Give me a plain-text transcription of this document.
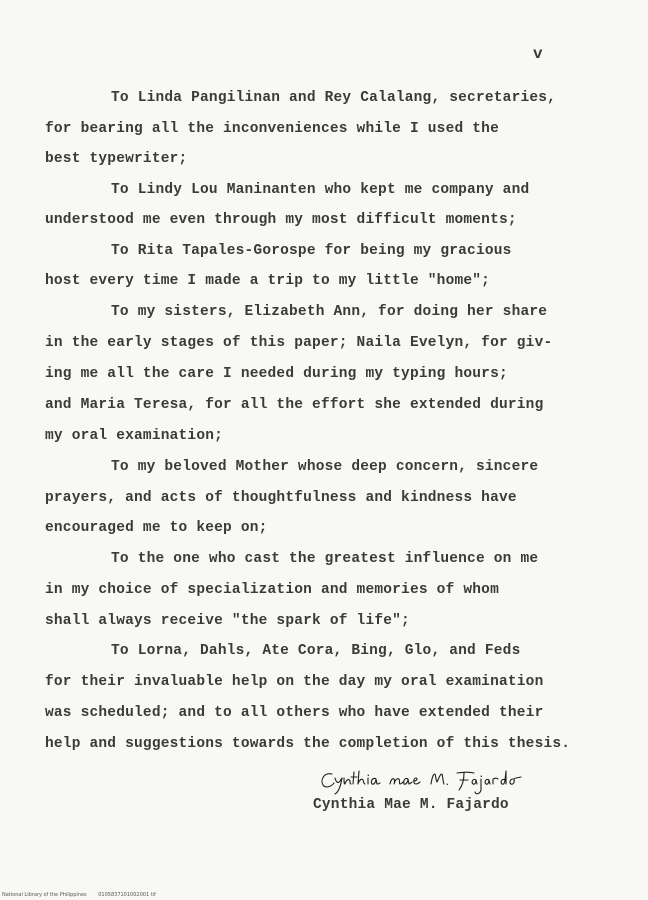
v
To Linda Pangilinan and Rey Calalang, secretaries,
for bearing all the inconveniences while I used the
best typewriter;
To Lindy Lou Maninanten who kept me company and
understood me even through my most difficult moments;
To Rita Tapales-Gorospe for being my gracious
host every time I made a trip to my little "home";
To my sisters, Elizabeth Ann, for doing her share
in the early stages of this paper; Naila Evelyn, for giv-
ing me all the care I needed during my typing hours;
and Maria Teresa, for all the effort she extended during
my oral examination;
To my beloved Mother whose deep concern, sincere
prayers, and acts of thoughtfulness and kindness have
encouraged me to keep on;
To the one who cast the greatest influence on me
in my choice of specialization and memories of whom
shall always receive "the spark of life";
To Lorna, Dahls, Ate Cora, Bing, Glo, and Feds
for their invaluable help on the day my oral examination
was scheduled; and to all others who have extended their
help and suggestions towards the completion of this thesis.
Cynthia Mae M. Fajardo
National Library of the Philippines 0105837101002001 tif
